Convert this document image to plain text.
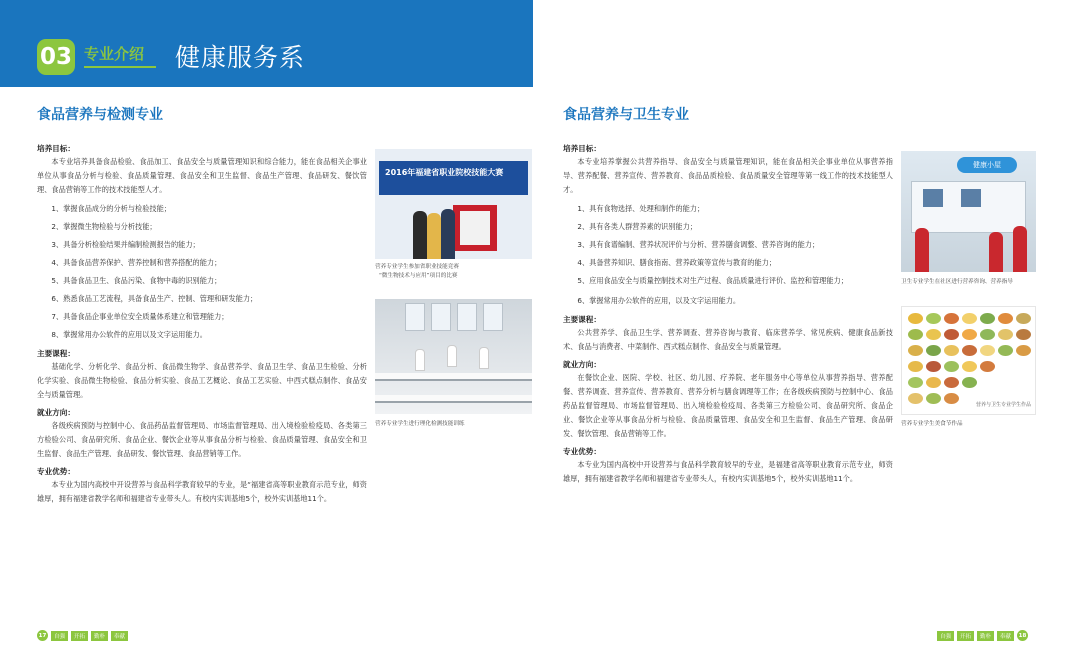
03 专业介绍 健康服务系
食品营养与检测专业
培养目标：
本专业培养具备食品检验、食品加工、食品安全与质量管理知识和综合能力，能在食品相关企事业单位从事食品分析与检验、食品质量管理、食品安全和卫生监督、食品生产管理、食品研发、餐饮管理、食品营销等工作的技术技能型人才。
1、掌握食品成分的分析与检验技能；
2、掌握微生物检验与分析技能；
3、具备分析检验结果并编制检测报告的能力；
4、具备食品营养保护、营养控制和营养搭配的能力；
5、具备食品卫生、食品污染、食物中毒的识别能力；
6、熟悉食品工艺流程，具备食品生产、控制、管理和研发能力；
7、具备食品企事业单位安全质量体系建立和管理能力；
8、掌握常用办公软件的应用以及文字运用能力。
主要课程：
基础化学、分析化学、食品分析、食品微生物学、食品营养学、食品卫生学、食品卫生检验、分析化学实验、食品微生物检验、食品分析实验、食品工艺概论、食品工艺实验、中西式糕点制作、食品安全与质量管理。
就业方向：
各级疾病预防与控制中心、食品药品监督管理局、市场监督管理局、出入境检验检疫局、各类第三方检验公司、食品研究所、食品企业、餐饮企业等从事食品分析与检验、食品质量管理、食品安全和卫生监督、食品生产管理、食品研发、餐饮管理、食品营销等工作。
专业优势：
本专业为国内高校中开设营养与食品科学教育较早的专业，是“福建省高等职业教育示范专业，师资雄厚，拥有福建省教学名师和福建省专业带头人。有校内实训基地5个，校外实训基地11个。
2016年福建省职业院校技能大赛
营养专业学生参加省职业技能竞赛
“微生物技术与应用”项目的比赛
营养专业学生进行理化检测技能训练
食品营养与卫生专业
培养目标：
本专业培养掌握公共营养指导、食品安全与质量管理知识，能在食品相关企事业单位从事营养指导、营养配餐、营养宣传、营养教育、食品品质检验、食品质量安全管理等第一线工作的技术技能型人才。
1、具有食物选择、处理和制作的能力；
2、具有各类人群营养素的识别能力；
3、具有食谱编制、营养状况评价与分析、营养膳食调整、营养咨询的能力；
4、具备营养知识、膳食指南、营养政策等宣传与教育的能力；
5、应用食品安全与质量控制技术对生产过程、食品质量进行评价、监控和管理能力；
6、掌握常用办公软件的应用，以及文字运用能力。
主要课程：
公共营养学、食品卫生学、营养调查、营养咨询与教育、临床营养学、常见疾病、健康食品新技术、食品与消费者、中菜制作、西式糕点制作、食品安全与质量管理。
就业方向：
在餐饮企业、医院、学校、社区、幼儿园、疗养院、老年服务中心等单位从事营养指导、营养配餐、营养调查、营养宣传、营养教育、营养分析与膳食调理等工作；在各级疾病预防与控制中心、食品药品监督管理局、市场监督管理局、出入境检验检疫局、各类第三方检验公司、食品研究所、食品企业、餐饮企业等从事食品分析与检验、食品质量管理、食品安全和卫生监督、食品生产管理、食品研发、餐饮管理、食品营销等工作。
专业优势：
本专业为国内高校中开设营养与食品科学教育较早的专业，是福建省高等职业教育示范专业，师资雄厚，拥有福建省教学名师和福建省专业带头人，有校内实训基地5个，校外实训基地11个。
健康小屋
卫生专业学生在社区进行营养咨询、营养指导
营养与卫生专业学生作品
营养专业学生美食节作品
17	自强	开拓	勤朴	奉献	自强	开拓	勤朴	奉献	18
